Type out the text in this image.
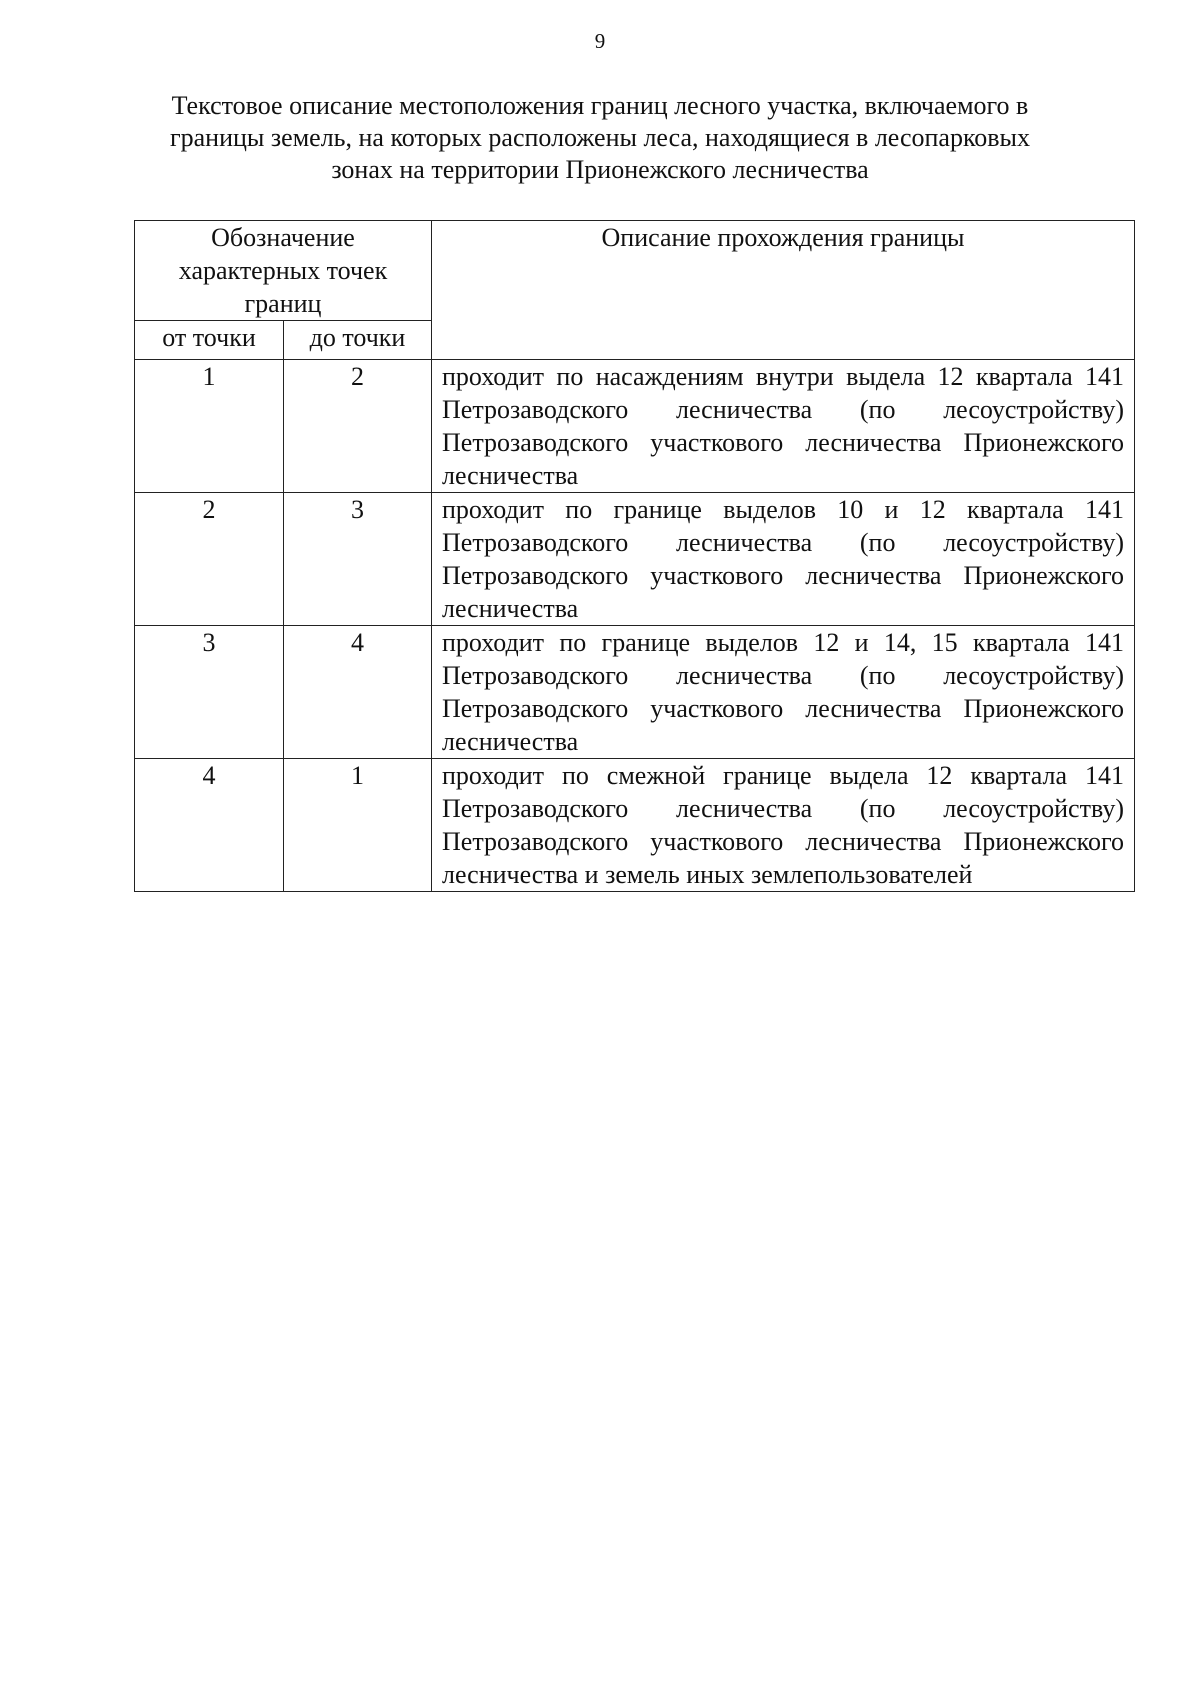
9
Текстовое описание местоположения границ лесного участка, включаемого в границы земель, на которых расположены леса, находящиеся в лесопарковых зонах на территории Прионежского лесничества
Обозначение характерных точек границ		Описание прохождения границы
от точки	до точки	
1	2	проходит по насаждениям внутри выдела 12 квартала 141 Петрозаводского лесничества (по лесоустройству) Петрозаводского участкового лесничества Прионежского лесничества
2	3	проходит по границе выделов 10 и 12 квартала 141 Петрозаводского лесничества (по лесоустройству) Петрозаводского участкового лесничества Прионежского лесничества
3	4	проходит по границе выделов 12 и 14, 15 квартала 141 Петрозаводского лесничества (по лесоустройству) Петрозаводского участкового лесничества Прионежского лесничества
4	1	проходит по смежной границе выдела 12 квартала 141 Петрозаводского лесничества (по лесоустройству) Петрозаводского участкового лесничества Прионежского лесничества и земель иных землепользователей
